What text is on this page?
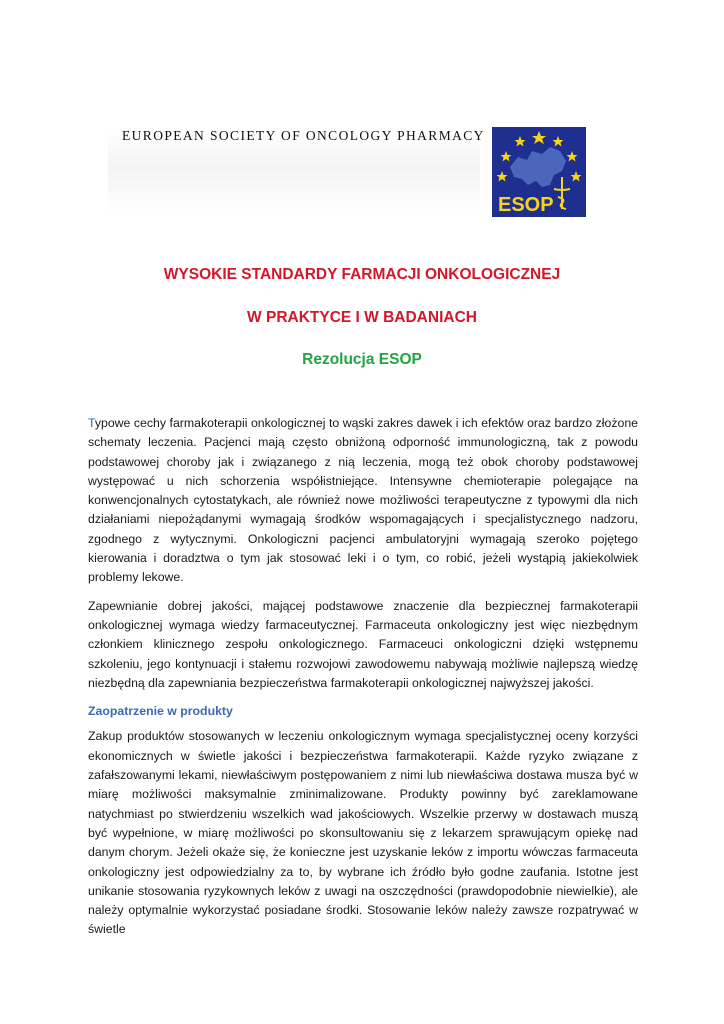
EUROPEAN SOCIETY OF ONCOLOGY PHARMACY
ESOP
WYSOKIE STANDARDY FARMACJI ONKOLOGICZNEJ
W PRAKTYCE I W BADANIACH
Rezolucja ESOP

Typowe cechy farmakoterapii onkologicznej to wąski zakres dawek i ich efektów oraz bardzo złożone schematy leczenia. Pacjenci mają często obniżoną odporność immunologiczną, tak z powodu podstawowej choroby jak i związanego z nią leczenia, mogą też obok choroby podstawowej występować u nich schorzenia współistniejące. Intensywne chemioterapie polegające na konwencjonalnych cytostatykach, ale również nowe możliwości terapeutyczne z typowymi dla nich działaniami niepożądanymi wymagają środków wspomagających i specjalistycznego nadzoru, zgodnego z wytycznymi. Onkologiczni pacjenci ambulatoryjni wymagają szeroko pojętego kierowania i doradztwa o tym jak stosować leki i o tym, co robić, jeżeli wystąpią jakiekolwiek problemy lekowe.

Zapewnianie dobrej jakości, mającej podstawowe znaczenie dla bezpiecznej farmakoterapii onkologicznej wymaga wiedzy farmaceutycznej. Farmaceuta onkologiczny jest więc niezbędnym członkiem klinicznego zespołu onkologicznego. Farmaceuci onkologiczni dzięki wstępnemu szkoleniu, jego kontynuacji i stałemu rozwojowi zawodowemu nabywają możliwie najlepszą wiedzę niezbędną dla zapewniania bezpieczeństwa farmakoterapii onkologicznej najwyższej jakości.

Zaopatrzenie w produkty

Zakup produktów stosowanych w leczeniu onkologicznym wymaga specjalistycznej oceny korzyści ekonomicznych w świetle jakości i bezpieczeństwa farmakoterapii. Każde ryzyko związane z zafałszowanymi lekami, niewłaściwym postępowaniem z nimi lub niewłaściwa dostawa musza być w miarę możliwości maksymalnie zminimalizowane. Produkty powinny być zareklamowane natychmiast po stwierdzeniu wszelkich wad jakościowych. Wszelkie przerwy w dostawach muszą być wypełnione, w miarę możliwości po skonsultowaniu się z lekarzem sprawującym opiekę nad danym chorym. Jeżeli okaże się, że konieczne jest uzyskanie leków z importu wówczas farmaceuta onkologiczny jest odpowiedzialny za to, by wybrane ich źródło było godne zaufania. Istotne jest unikanie stosowania ryzykownych leków z uwagi na oszczędności (prawdopodobnie niewielkie), ale należy optymalnie wykorzystać posiadane środki. Stosowanie leków należy zawsze rozpatrywać w świetle
